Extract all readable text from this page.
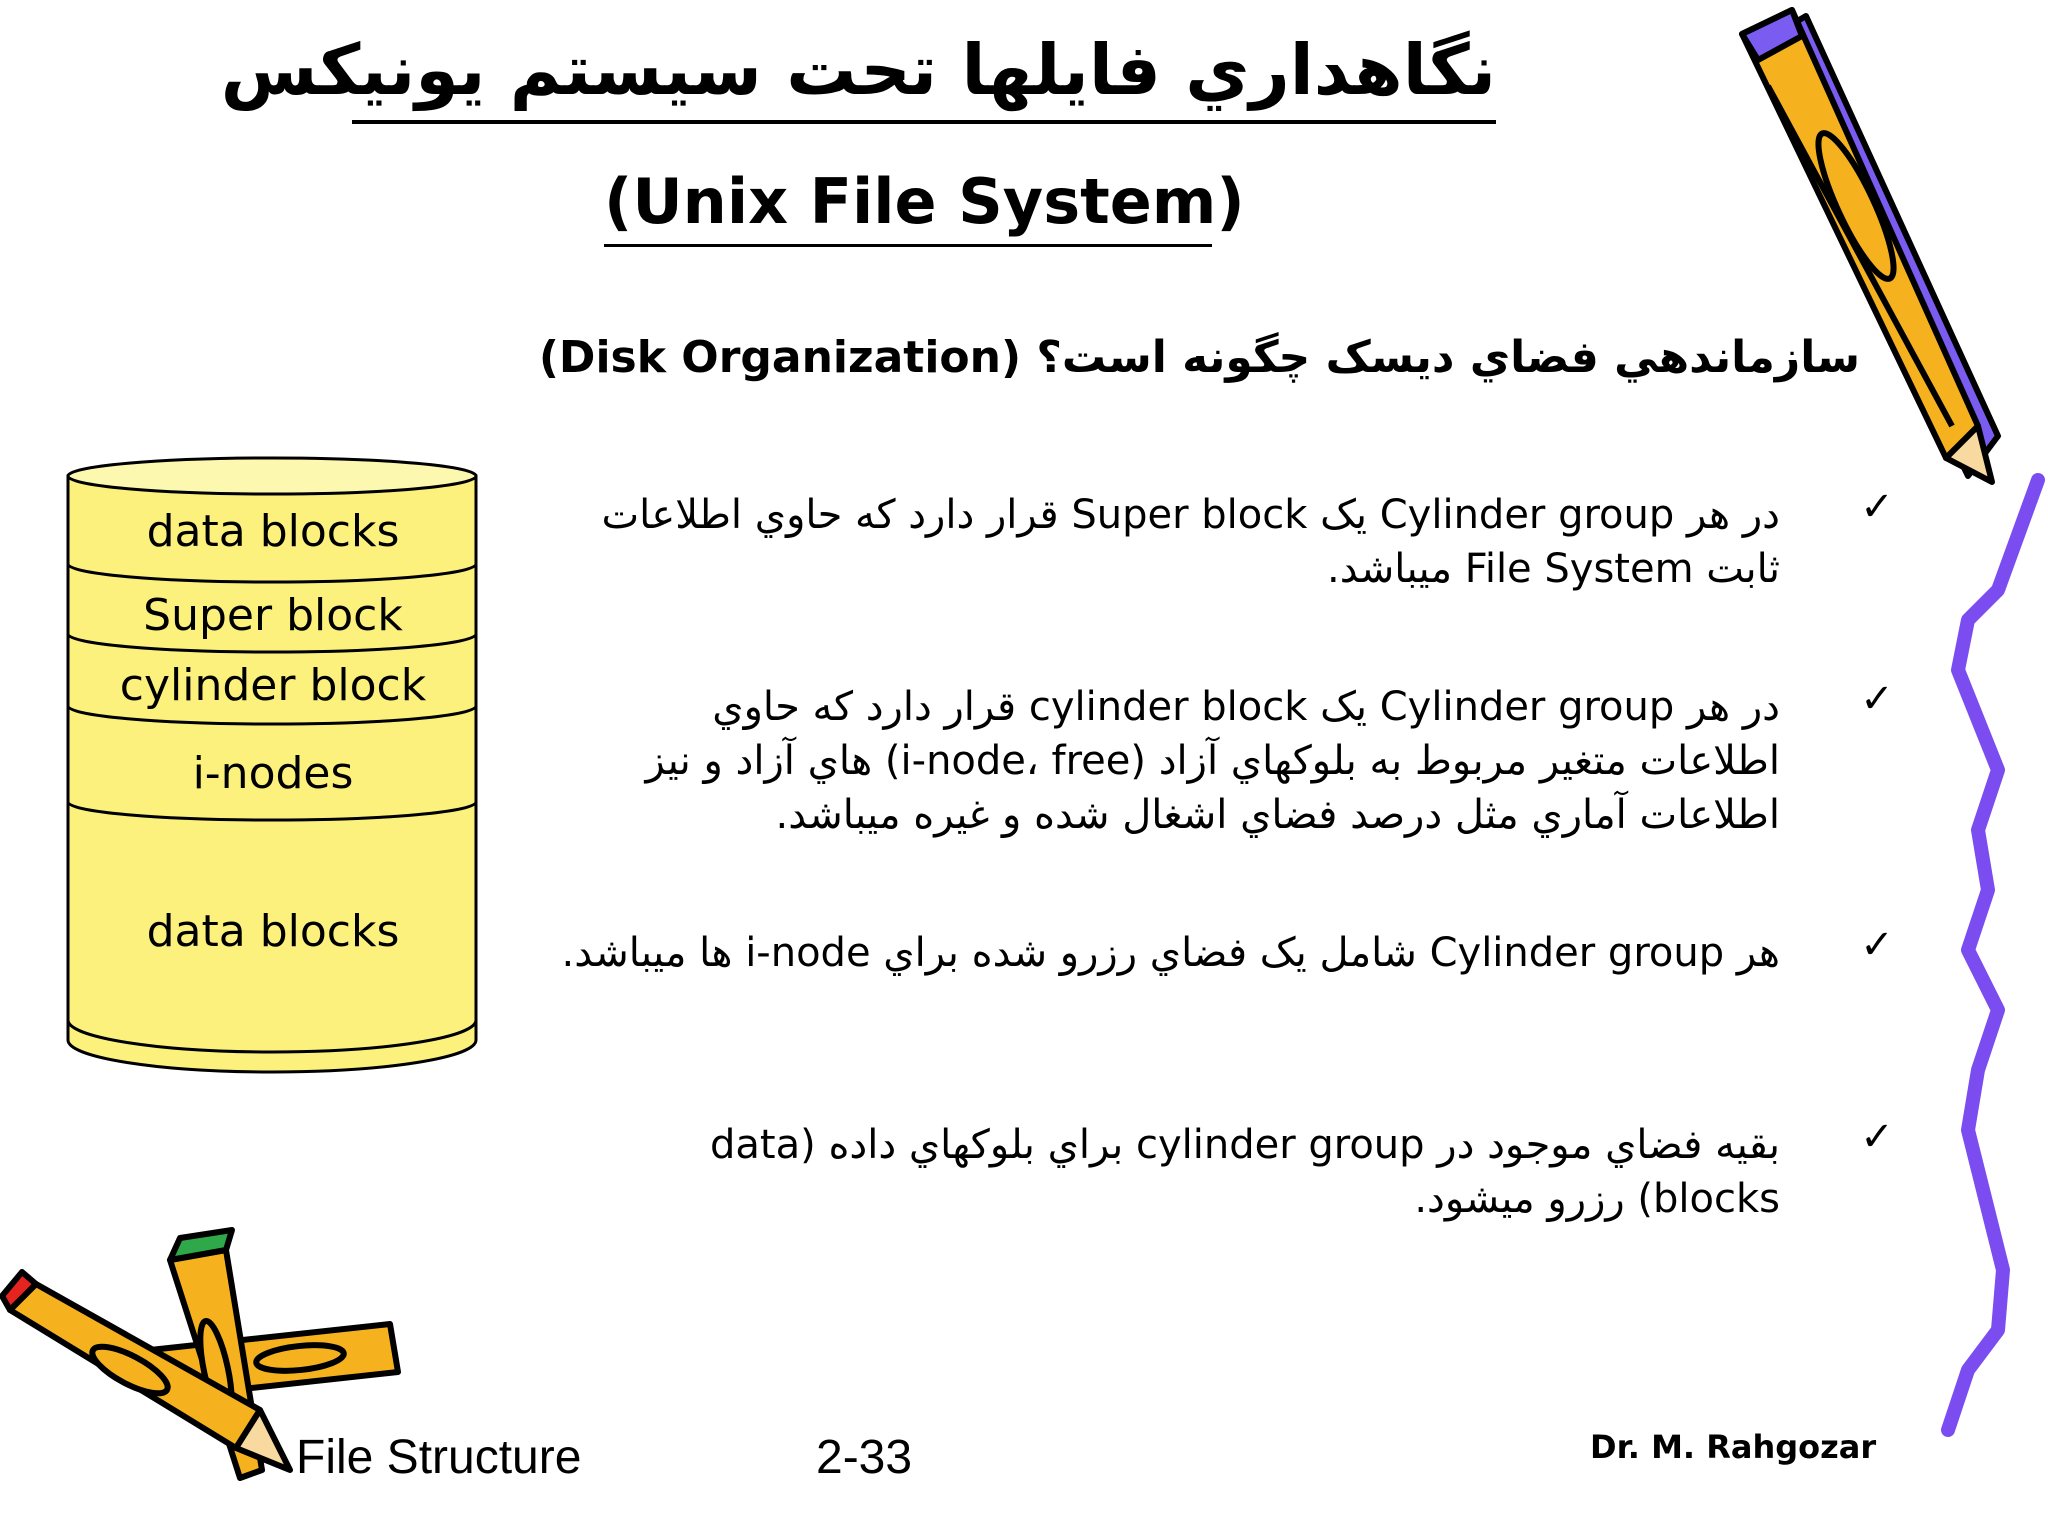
نگاهداري فايلها تحت سيستم يونيکس
(Unix File System)
سازماندهي فضاي ديسک چگونه است؟ (Disk Organization)
data blocks
Super block
cylinder block
i-nodes
data blocks
✓
در هر Cylinder group يک Super block قرار دارد که حاوي اطلاعات ثابت File System ميباشد.
✓
در هر Cylinder group يک cylinder block قرار دارد که حاوي اطلاعات متغير مربوط به بلوکهاي آزاد (i-node، free) هاي آزاد و نيز اطلاعات آماري مثل درصد فضاي اشغال شده و غيره ميباشد.
✓
هر Cylinder group شامل يک فضاي رزرو شده براي i-node ها ميباشد.
✓
بقيه فضاي موجود در cylinder group براي بلوکهاي داده (data blocks) رزرو ميشود.
File Structure	2-33	Dr. M. Rahgozar
